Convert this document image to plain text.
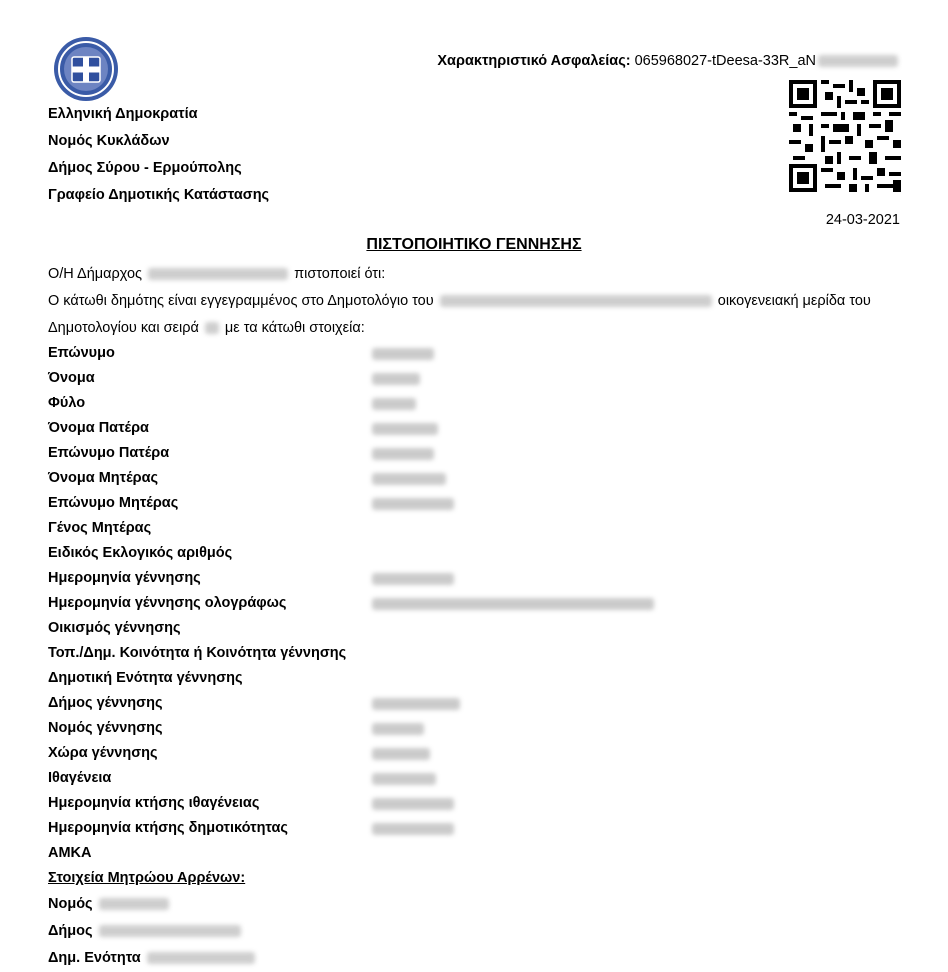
Ελληνική Δημοκρατία
Νομός Κυκλάδων
Δήμος Σύρου - Ερμούπολης
Γραφείο Δημοτικής Κατάστασης
Χαρακτηριστικό Ασφαλείας: 065968027-tDeesa-33R_aN
24-03-2021
ΠΙΣΤΟΠΟΙΗΤΙΚΟ ΓΕΝΝΗΣΗΣ
Ο/Η Δήμαρχος	πιστοποιεί ότι:
Ο κάτωθι δημότης είναι εγγεγραμμένος στο Δημοτολόγιο του	οικογενειακή μερίδα του
Δημοτολογίου και σειρά με τα κάτωθι στοιχεία:
Επώνυμο
Όνομα
Φύλο
Όνομα Πατέρα
Επώνυμο Πατέρα
Όνομα Μητέρας
Επώνυμο Μητέρας
Γένος Μητέρας
Ειδικός Εκλογικός αριθμός
Ημερομηνία γέννησης
Ημερομηνία γέννησης ολογράφως
Οικισμός γέννησης
Τοπ./Δημ. Κοινότητα ή Κοινότητα γέννησης
Δημοτική Ενότητα γέννησης
Δήμος γέννησης
Νομός γέννησης
Χώρα γέννησης
Ιθαγένεια
Ημερομηνία κτήσης ιθαγένειας
Ημερομηνία κτήσης δημοτικότητας
ΑΜΚΑ
Στοιχεία Μητρώου Αρρένων:
Νομός
Δήμος
Δημ. Ενότητα
